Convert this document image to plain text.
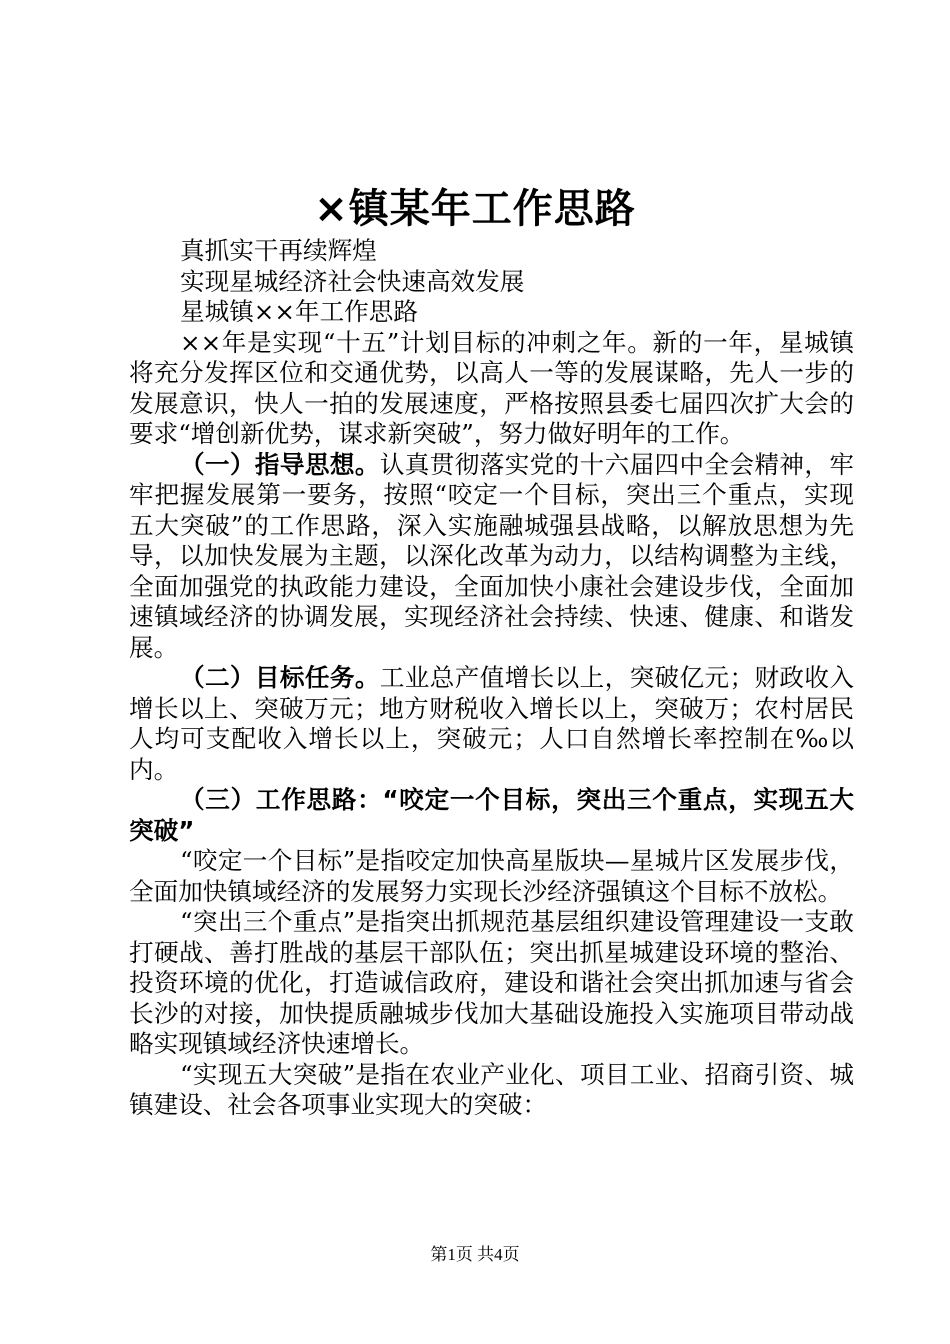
×镇某年工作思路

真抓实干再续辉煌

实现星城经济社会快速高效发展

星城镇××年工作思路

××年是实现“十五”计划目标的冲刺之年。新的一年，星城镇将充分发挥区位和交通优势，以高人一等的发展谋略，先人一步的发展意识，快人一拍的发展速度，严格按照县委七届四次扩大会的要求“增创新优势，谋求新突破”，努力做好明年的工作。

（一）指导思想。认真贯彻落实党的十六届四中全会精神，牢牢把握发展第一要务，按照“咬定一个目标，突出三个重点，实现五大突破”的工作思路，深入实施融城强县战略，以解放思想为先导，以加快发展为主题，以深化改革为动力，以结构调整为主线，全面加强党的执政能力建设，全面加快小康社会建设步伐，全面加速镇域经济的协调发展，实现经济社会持续、快速、健康、和谐发展。

（二）目标任务。工业总产值增长以上，突破亿元；财政收入增长以上、突破万元；地方财税收入增长以上，突破万；农村居民人均可支配收入增长以上，突破元；人口自然增长率控制在‰以内。

（三）工作思路：“咬定一个目标，突出三个重点，实现五大突破”

“咬定一个目标”是指咬定加快高星版块—星城片区发展步伐，全面加快镇域经济的发展努力实现长沙经济强镇这个目标不放松。

“突出三个重点”是指突出抓规范基层组织建设管理建设一支敢打硬战、善打胜战的基层干部队伍；突出抓星城建设环境的整治、投资环境的优化，打造诚信政府，建设和谐社会突出抓加速与省会长沙的对接，加快提质融城步伐加大基础设施投入实施项目带动战略实现镇域经济快速增长。

“实现五大突破”是指在农业产业化、项目工业、招商引资、城镇建设、社会各项事业实现大的突破：

第1页 共4页
